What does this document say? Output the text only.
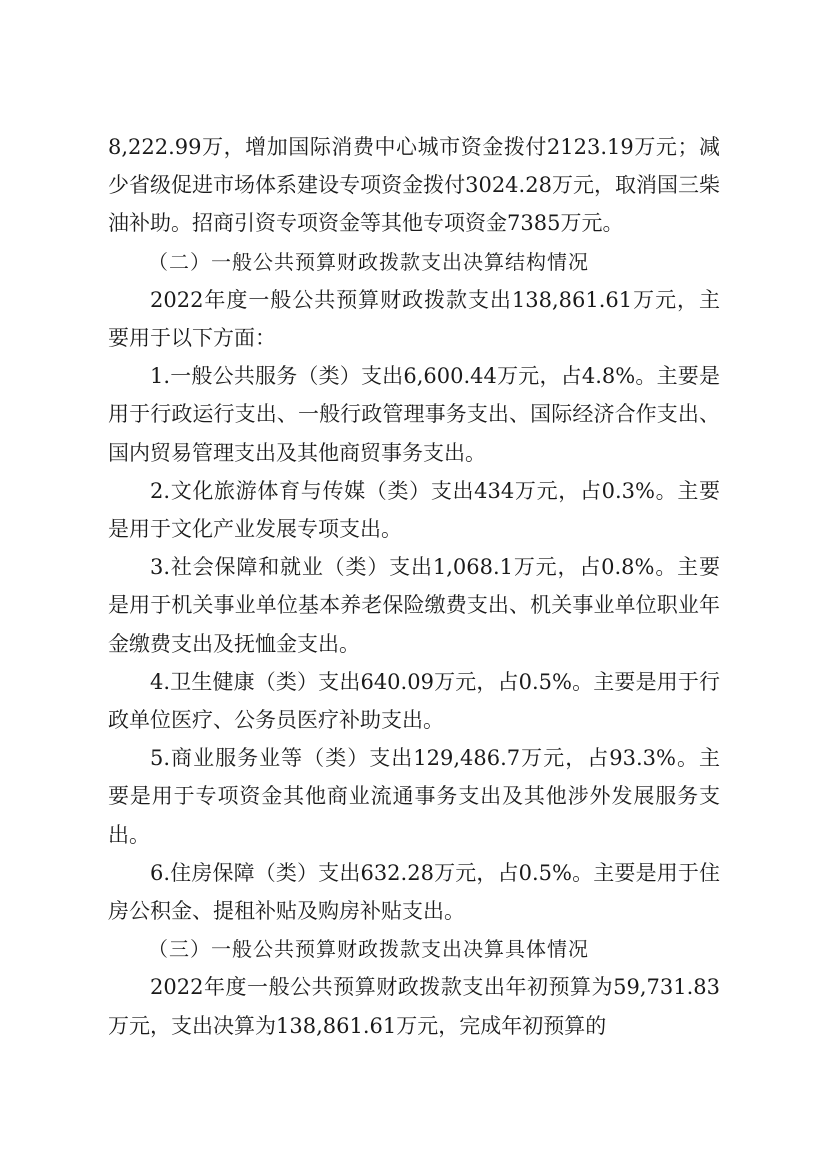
8,222.99万，增加国际消费中心城市资金拨付2123.19万元；减少省级促进市场体系建设专项资金拨付3024.28万元，取消国三柴油补助。招商引资专项资金等其他专项资金7385万元。

（二）一般公共预算财政拨款支出决算结构情况

2022年度一般公共预算财政拨款支出138,861.61万元，主要用于以下方面：

1.一般公共服务（类）支出6,600.44万元，占4.8%。主要是用于行政运行支出、一般行政管理事务支出、国际经济合作支出、国内贸易管理支出及其他商贸事务支出。

2.文化旅游体育与传媒（类）支出434万元，占0.3%。主要是用于文化产业发展专项支出。

3.社会保障和就业（类）支出1,068.1万元，占0.8%。主要是用于机关事业单位基本养老保险缴费支出、机关事业单位职业年金缴费支出及抚恤金支出。

4.卫生健康（类）支出640.09万元，占0.5%。主要是用于行政单位医疗、公务员医疗补助支出。

5.商业服务业等（类）支出129,486.7万元，占93.3%。主要是用于专项资金其他商业流通事务支出及其他涉外发展服务支出。

6.住房保障（类）支出632.28万元，占0.5%。主要是用于住房公积金、提租补贴及购房补贴支出。

（三）一般公共预算财政拨款支出决算具体情况

2022年度一般公共预算财政拨款支出年初预算为59,731.83万元，支出决算为138,861.61万元，完成年初预算的
